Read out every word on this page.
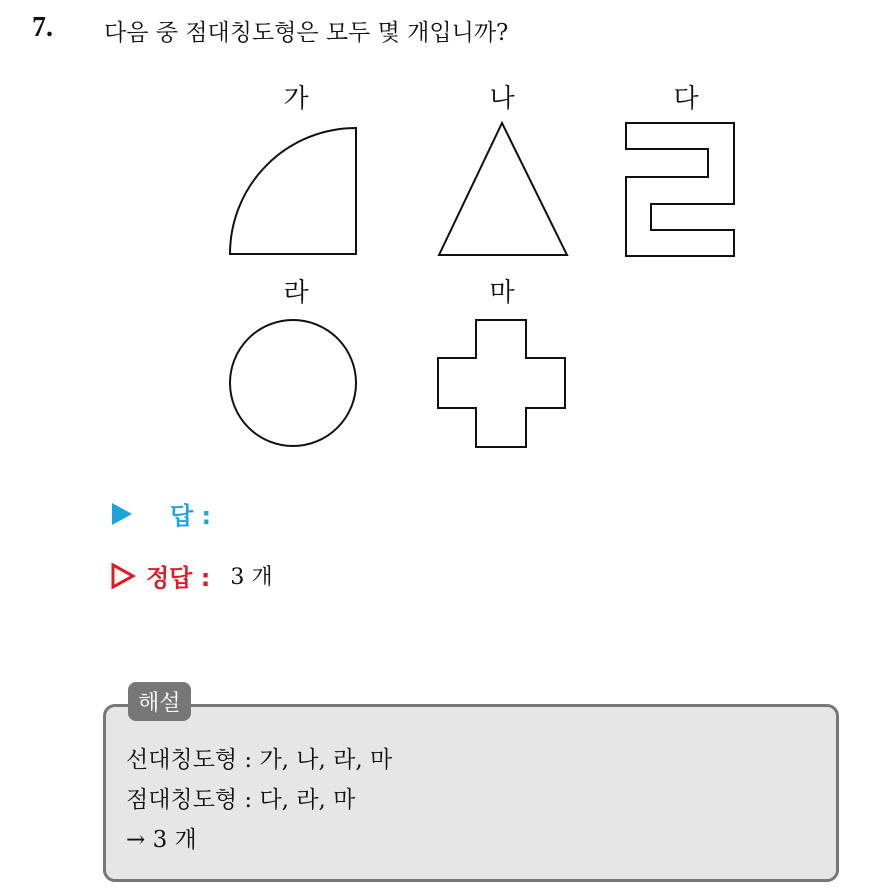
7. 다음 중 점대칭도형은 모두 몇 개입니까?
가	나	다
라	마
답 :
정답 : 3 개
해설
선대칭도형 : 가, 나, 라, 마
점대칭도형 : 다, 라, 마
→ 3 개
